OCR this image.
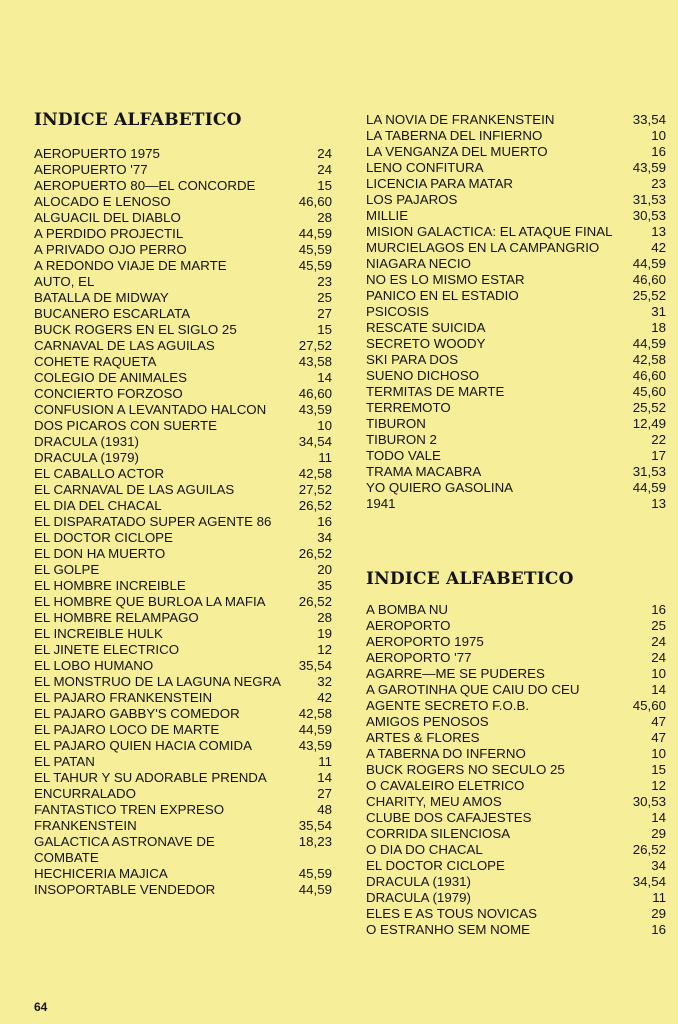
INDICE ALFABETICO
AEROPUERTO 1975	24
AEROPUERTO '77	24
AEROPUERTO 80—EL CONCORDE	15
ALOCADO E LENOSO	46,60
ALGUACIL DEL DIABLO	28
A PERDIDO PROJECTIL	44,59
A PRIVADO OJO PERRO	45,59
A REDONDO VIAJE DE MARTE	45,59
AUTO, EL	23
BATALLA DE MIDWAY	25
BUCANERO ESCARLATA	27
BUCK ROGERS EN EL SIGLO 25	15
CARNAVAL DE LAS AGUILAS	27,52
COHETE RAQUETA	43,58
COLEGIO DE ANIMALES	14
CONCIERTO FORZOSO	46,60
CONFUSION A LEVANTADO HALCON	43,59
DOS PICAROS CON SUERTE	10
DRACULA (1931)	34,54
DRACULA (1979)	11
EL CABALLO ACTOR	42,58
EL CARNAVAL DE LAS AGUILAS	27,52
EL DIA DEL CHACAL	26,52
EL DISPARATADO SUPER AGENTE 86	16
EL DOCTOR CICLOPE	34
EL DON HA MUERTO	26,52
EL GOLPE	20
EL HOMBRE INCREIBLE	35
EL HOMBRE QUE BURLOA LA MAFIA	26,52
EL HOMBRE RELAMPAGO	28
EL INCREIBLE HULK	19
EL JINETE ELECTRICO	12
EL LOBO HUMANO	35,54
EL MONSTRUO DE LA LAGUNA NEGRA	32
EL PAJARO FRANKENSTEIN	42
EL PAJARO GABBY'S COMEDOR	42,58
EL PAJARO LOCO DE MARTE	44,59
EL PAJARO QUIEN HACIA COMIDA	43,59
EL PATAN	11
EL TAHUR Y SU ADORABLE PRENDA	14
ENCURRALADO	27
FANTASTICO TREN EXPRESO	48
FRANKENSTEIN	35,54
GALACTICA ASTRONAVE DE
COMBATE
18,23
HECHICERIA MAJICA	45,59
INSOPORTABLE VENDEDOR	44,59
LA NOVIA DE FRANKENSTEIN	33,54
LA TABERNA DEL INFIERNO	10
LA VENGANZA DEL MUERTO	16
LENO CONFITURA	43,59
LICENCIA PARA MATAR	23
LOS PAJAROS	31,53
MILLIE	30,53
MISION GALACTICA: EL ATAQUE FINAL	13
MURCIELAGOS EN LA CAMPANGRIO	42
NIAGARA NECIO	44,59
NO ES LO MISMO ESTAR	46,60
PANICO EN EL ESTADIO	25,52
PSICOSIS	31
RESCATE SUICIDA	18
SECRETO WOODY	44,59
SKI PARA DOS	42,58
SUENO DICHOSO	46,60
TERMITAS DE MARTE	45,60
TERREMOTO	25,52
TIBURON	12,49
TIBURON 2	22
TODO VALE	17
TRAMA MACABRA	31,53
YO QUIERO GASOLINA	44,59
1941	13
INDICE ALFABETICO
A BOMBA NU	16
AEROPORTO	25
AEROPORTO 1975	24
AEROPORTO '77	24
AGARRE—ME SE PUDERES	10
A GAROTINHA QUE CAIU DO CEU	14
AGENTE SECRETO F.O.B.	45,60
AMIGOS PENOSOS	47
ARTES & FLORES	47
A TABERNA DO INFERNO	10
BUCK ROGERS NO SECULO 25	15
O CAVALEIRO ELETRICO	12
CHARITY, MEU AMOS	30,53
CLUBE DOS CAFAJESTES	14
CORRIDA SILENCIOSA	29
O DIA DO CHACAL	26,52
EL DOCTOR CICLOPE	34
DRACULA (1931)	34,54
DRACULA (1979)	11
ELES E AS TOUS NOVICAS	29
O ESTRANHO SEM NOME	16
64
